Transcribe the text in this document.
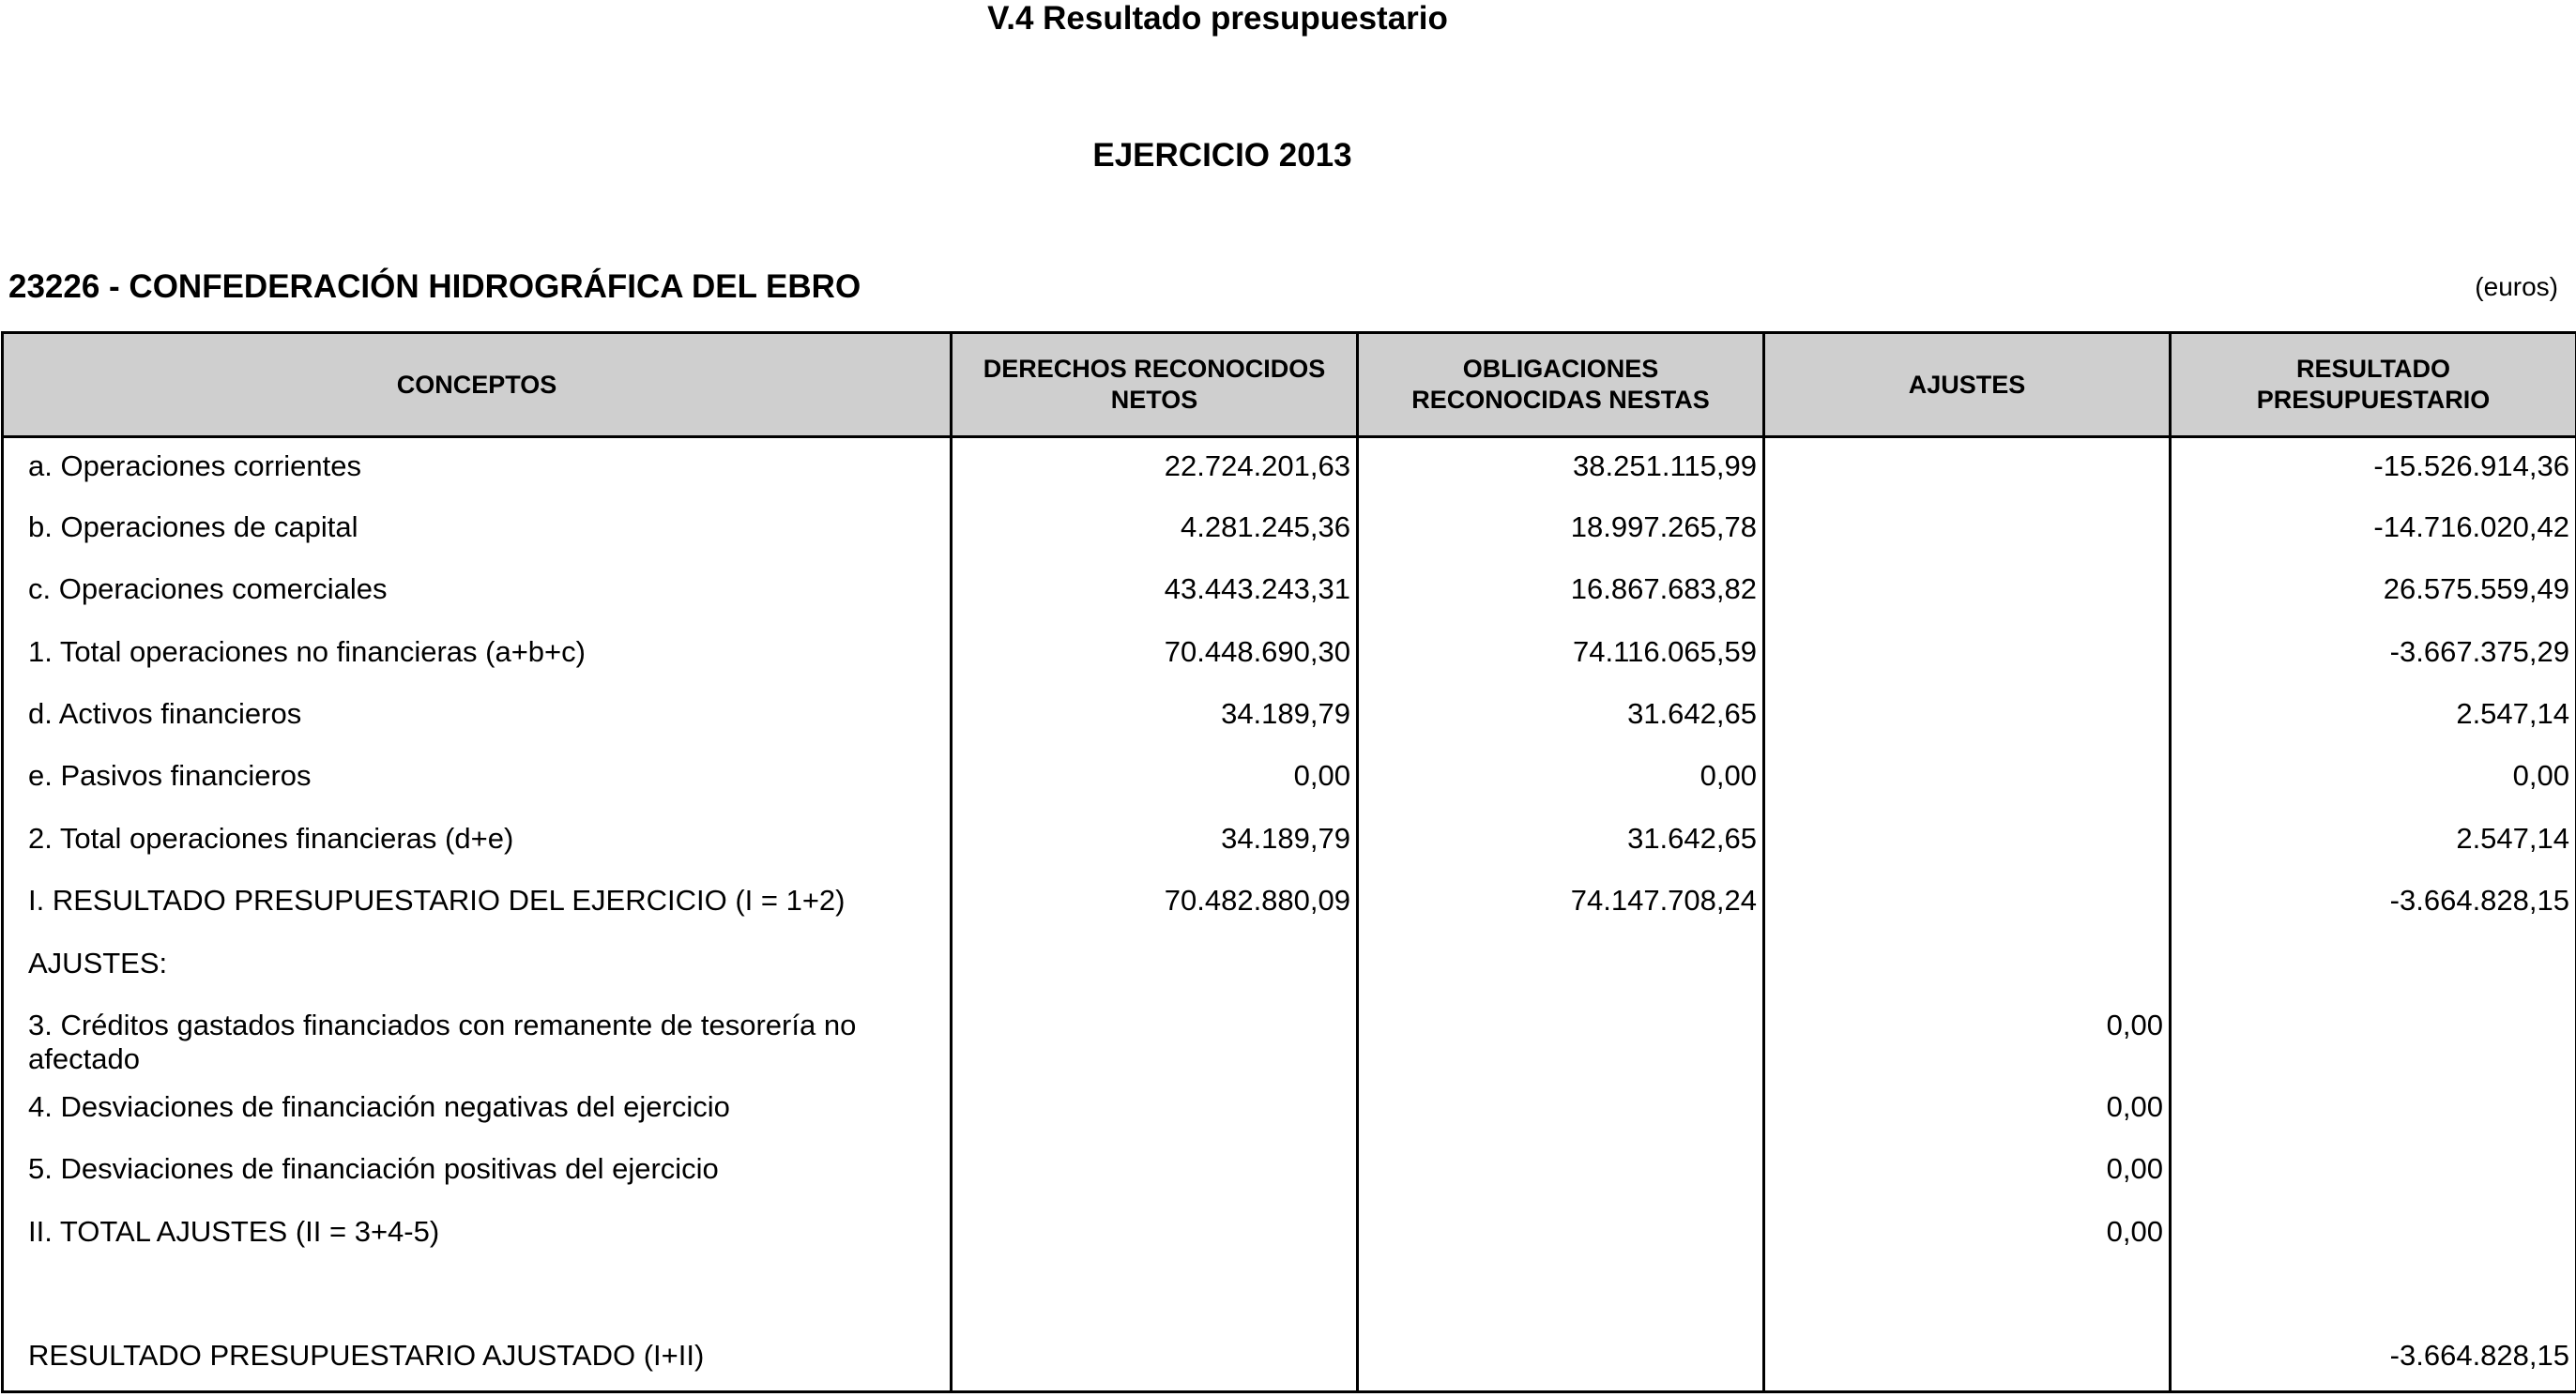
V.4 Resultado presupuestario
EJERCICIO 2013
23226 - CONFEDERACIÓN HIDROGRÁFICA DEL EBRO	(euros)
CONCEPTOS	DERECHOS RECONOCIDOS NETOS	OBLIGACIONES RECONOCIDAS NESTAS	AJUSTES	RESULTADO PRESUPUESTARIO
a. Operaciones corrientes	22.724.201,63	38.251.115,99		-15.526.914,36
b. Operaciones de capital	4.281.245,36	18.997.265,78		-14.716.020,42
c. Operaciones comerciales	43.443.243,31	16.867.683,82		26.575.559,49
1. Total operaciones no financieras (a+b+c)	70.448.690,30	74.116.065,59		-3.667.375,29
d. Activos financieros	34.189,79	31.642,65		2.547,14
e. Pasivos financieros	0,00	0,00		0,00
2. Total operaciones financieras (d+e)	34.189,79	31.642,65		2.547,14
I. RESULTADO PRESUPUESTARIO DEL EJERCICIO (I = 1+2)	70.482.880,09	74.147.708,24		-3.664.828,15
AJUSTES:				

3. Créditos gastados financiados con remanente de tesorería no afectado			0,00	
4. Desviaciones de financiación negativas del ejercicio			0,00	
5. Desviaciones de financiación positivas del ejercicio			0,00	
II. TOTAL AJUSTES (II = 3+4-5)			0,00	

RESULTADO PRESUPUESTARIO AJUSTADO (I+II)				-3.664.828,15
